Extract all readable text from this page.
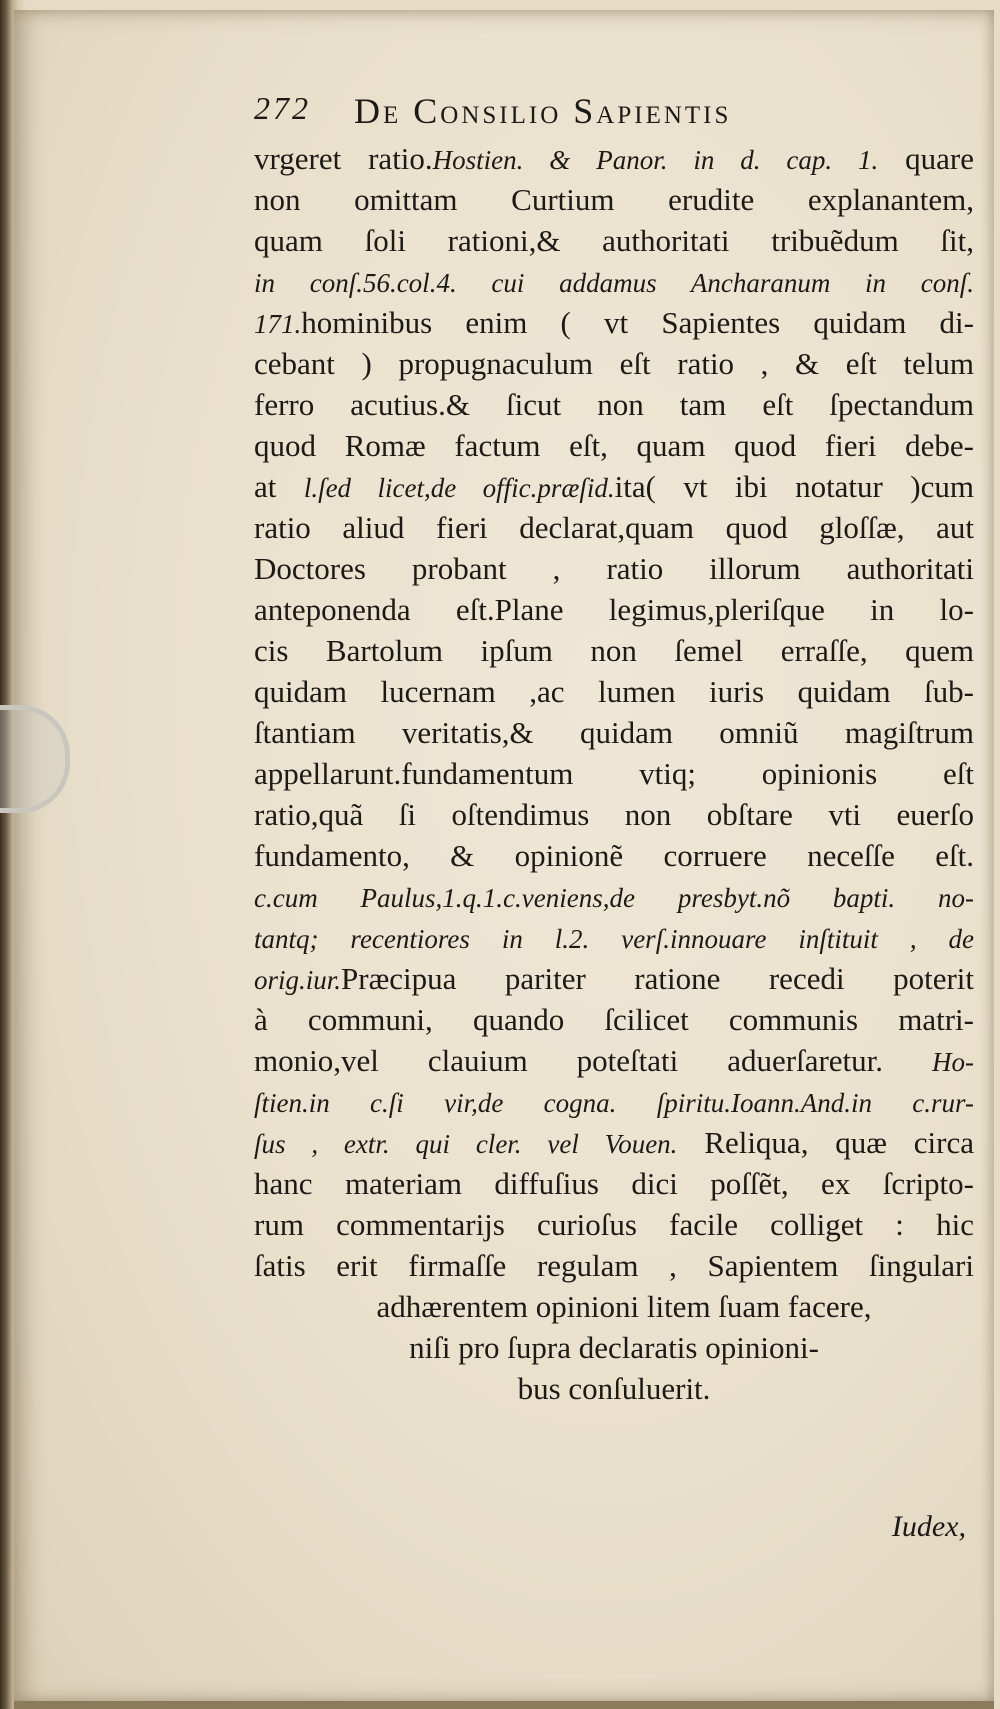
272 De Consilio Sapientis
vrgeret ratio.Hostien. & Panor. in d. cap. 1. quare
non omittam Curtium erudite explanantem,
quam ſoli rationi,& authoritati tribuẽdum ſit,
in conſ.56.col.4. cui addamus Ancharanum in conſ.
171.hominibus enim ( vt Sapientes quidam di-
cebant ) propugnaculum eſt ratio , & eſt telum
ferro acutius.& ſicut non tam eſt ſpectandum
quod Romæ factum eſt, quam quod fieri debe-
at l.ſed licet,de offic.præſid.ita( vt ibi notatur )cum
ratio aliud fieri declarat,quam quod gloſſæ, aut
Doctores probant , ratio illorum authoritati
anteponenda eſt.Plane legimus,pleriſque in lo-
cis Bartolum ipſum non ſemel erraſſe, quem
quidam lucernam ,ac lumen iuris quidam ſub-
ſtantiam veritatis,& quidam omniũ magiſtrum
appellarunt.fundamentum vtiq; opinionis eſt
ratio,quã ſi oſtendimus non obſtare vti euerſo
fundamento, & opinionẽ corruere neceſſe eſt.
c.cum Paulus,1.q.1.c.veniens,de presbyt.nõ bapti. no-
tantq; recentiores in l.2. verſ.innouare inſtituit , de
orig.iur.Præcipua pariter ratione recedi poterit
à communi, quando ſcilicet communis matri-
monio,vel clauium poteſtati aduerſaretur. Ho-
ſtien.in c.ſi vir,de cogna. ſpiritu.Ioann.And.in c.rur-
ſus , extr. qui cler. vel Vouen. Reliqua, quæ circa
hanc materiam diffuſius dici poſſẽt, ex ſcripto-
rum commentarijs curioſus facile colliget : hic
ſatis erit firmaſſe regulam , Sapientem ſingulari
adhærentem opinioni litem ſuam facere,
niſi pro ſupra declaratis opinioni-
bus conſuluerit.
Iudex,
